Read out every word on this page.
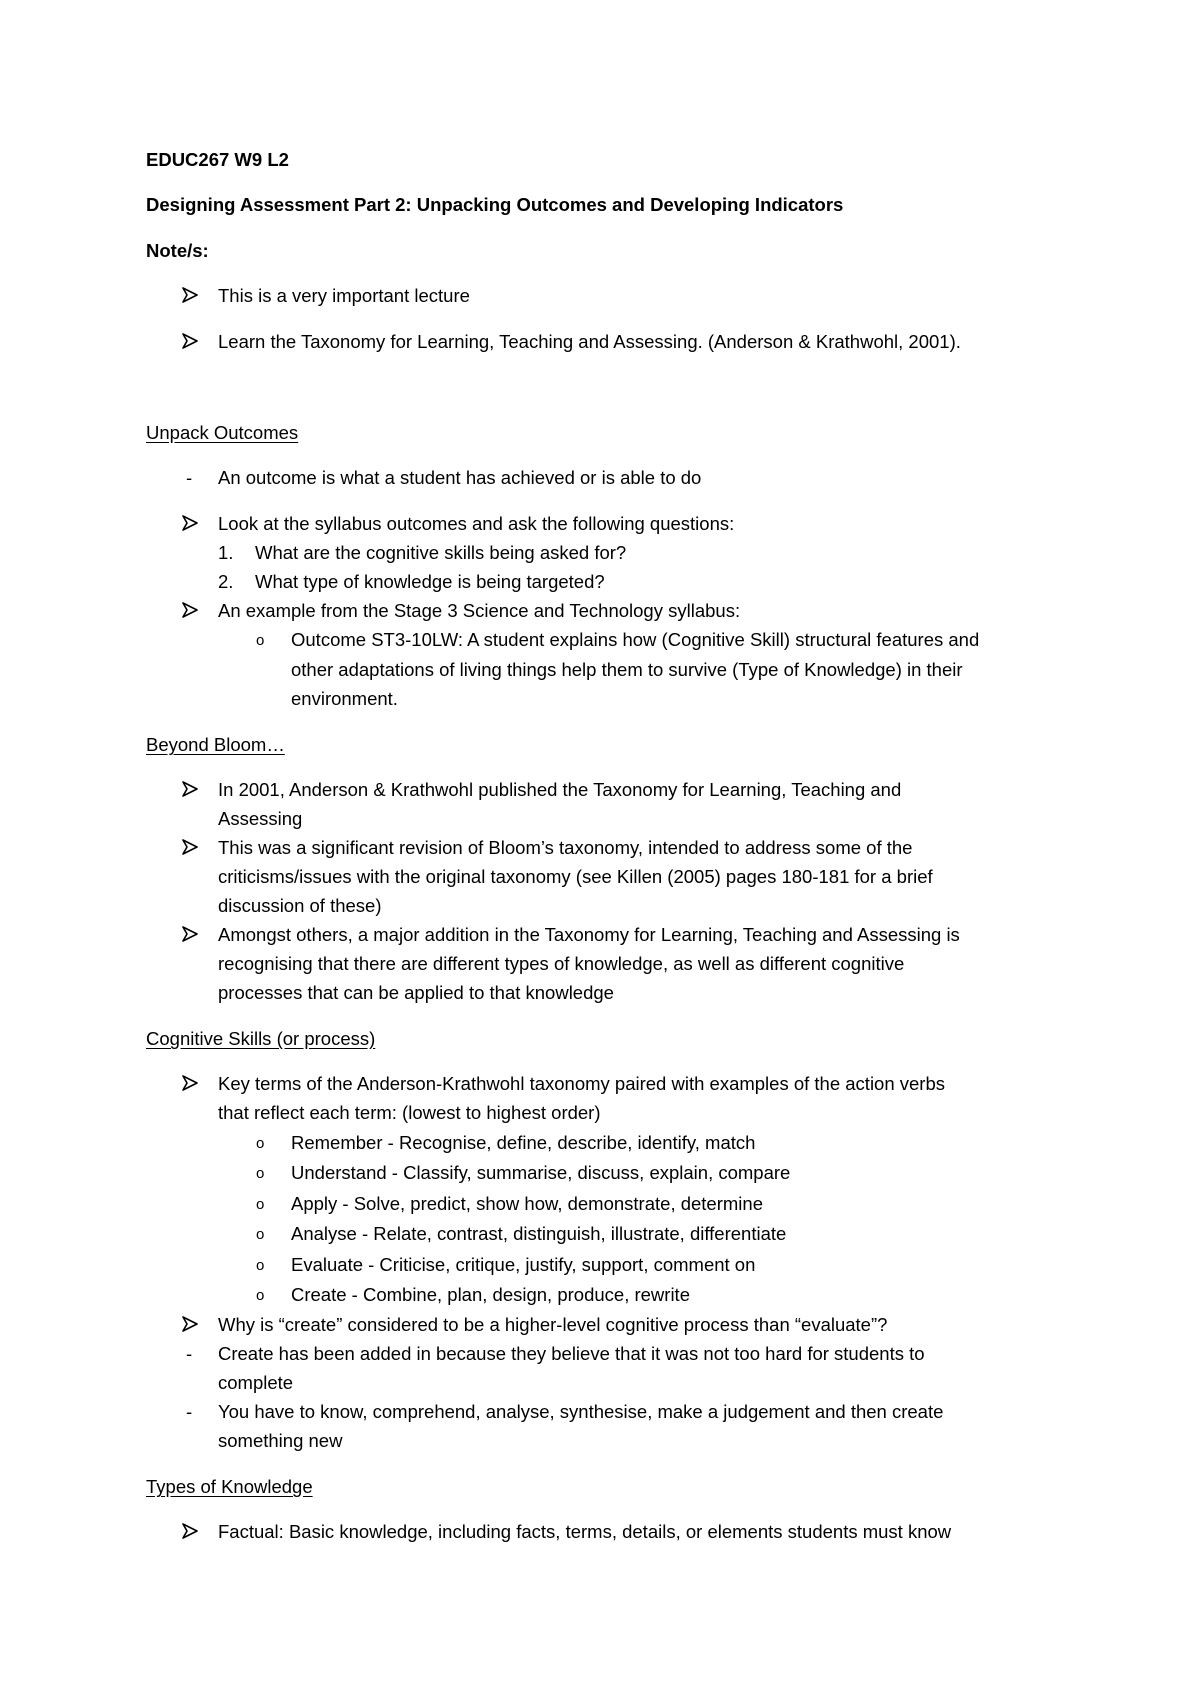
EDUC267 W9 L2
Designing Assessment Part 2: Unpacking Outcomes and Developing Indicators
Note/s:
This is a very important lecture
Learn the Taxonomy for Learning, Teaching and Assessing. (Anderson & Krathwohl, 2001).
Unpack Outcomes
- An outcome is what a student has achieved or is able to do
Look at the syllabus outcomes and ask the following questions:
1. What are the cognitive skills being asked for?
2. What type of knowledge is being targeted?
An example from the Stage 3 Science and Technology syllabus:
o Outcome ST3-10LW: A student explains how (Cognitive Skill) structural features and
other adaptations of living things help them to survive (Type of Knowledge) in their
environment.
Beyond Bloom…
In 2001, Anderson & Krathwohl published the Taxonomy for Learning, Teaching and
Assessing
This was a significant revision of Bloom’s taxonomy, intended to address some of the
criticisms/issues with the original taxonomy (see Killen (2005) pages 180-181 for a brief
discussion of these)
Amongst others, a major addition in the Taxonomy for Learning, Teaching and Assessing is
recognising that there are different types of knowledge, as well as different cognitive
processes that can be applied to that knowledge
Cognitive Skills (or process)
Key terms of the Anderson-Krathwohl taxonomy paired with examples of the action verbs
that reflect each term: (lowest to highest order)
o Remember - Recognise, define, describe, identify, match
o Understand - Classify, summarise, discuss, explain, compare
o Apply - Solve, predict, show how, demonstrate, determine
o Analyse - Relate, contrast, distinguish, illustrate, differentiate
o Evaluate - Criticise, critique, justify, support, comment on
o Create - Combine, plan, design, produce, rewrite
Why is “create” considered to be a higher-level cognitive process than “evaluate”?
- Create has been added in because they believe that it was not too hard for students to
complete
- You have to know, comprehend, analyse, synthesise, make a judgement and then create
something new
Types of Knowledge
Factual: Basic knowledge, including facts, terms, details, or elements students must know
